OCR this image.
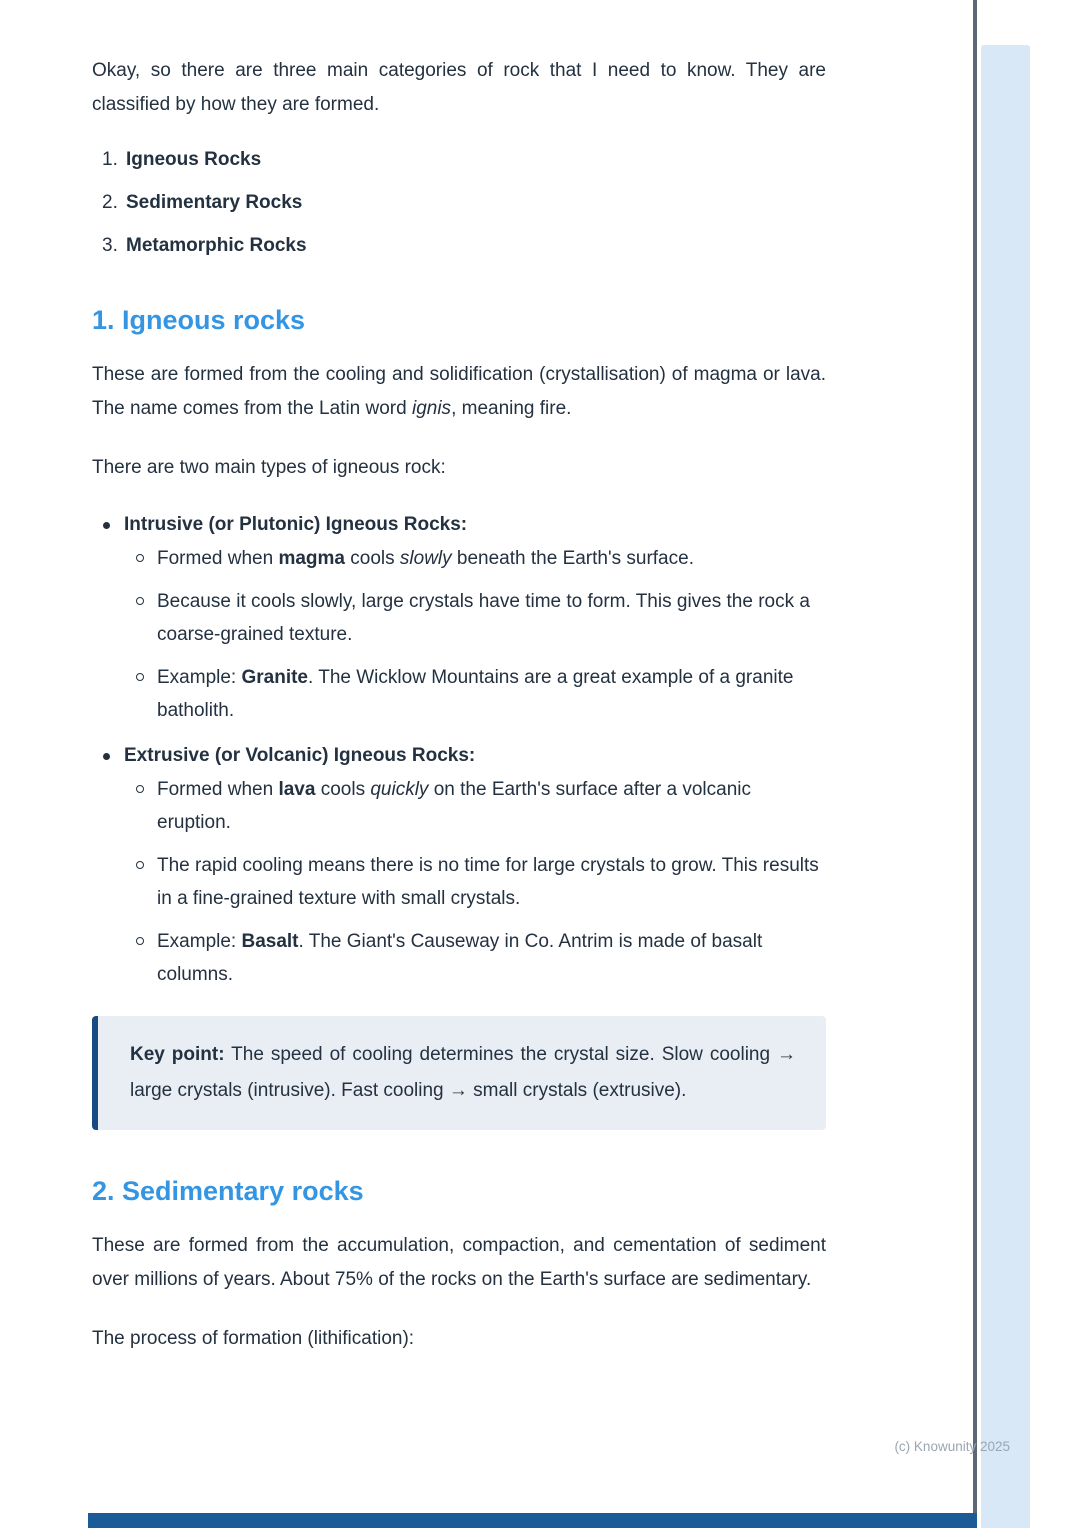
Okay, so there are three main categories of rock that I need to know. They are classified by how they are formed.

1. Igneous Rocks
2. Sedimentary Rocks
3. Metamorphic Rocks
1. Igneous rocks

These are formed from the cooling and solidification (crystallisation) of magma or lava. The name comes from the Latin word ignis, meaning fire.

There are two main types of igneous rock:

Intrusive (or Plutonic) Igneous Rocks:
Formed when magma cools slowly beneath the Earth's surface.
Because it cools slowly, large crystals have time to form. This gives the rock a coarse-grained texture.
Example: Granite. The Wicklow Mountains are a great example of a granite batholith.
Extrusive (or Volcanic) Igneous Rocks:
Formed when lava cools quickly on the Earth's surface after a volcanic eruption.
The rapid cooling means there is no time for large crystals to grow. This results in a fine-grained texture with small crystals.
Example: Basalt. The Giant's Causeway in Co. Antrim is made of basalt columns.
Key point: The speed of cooling determines the crystal size. Slow cooling → large crystals (intrusive). Fast cooling → small crystals (extrusive).
2. Sedimentary rocks

These are formed from the accumulation, compaction, and cementation of sediment over millions of years. About 75% of the rocks on the Earth's surface are sedimentary.

The process of formation (lithification):

(c) Knowunity 2025
